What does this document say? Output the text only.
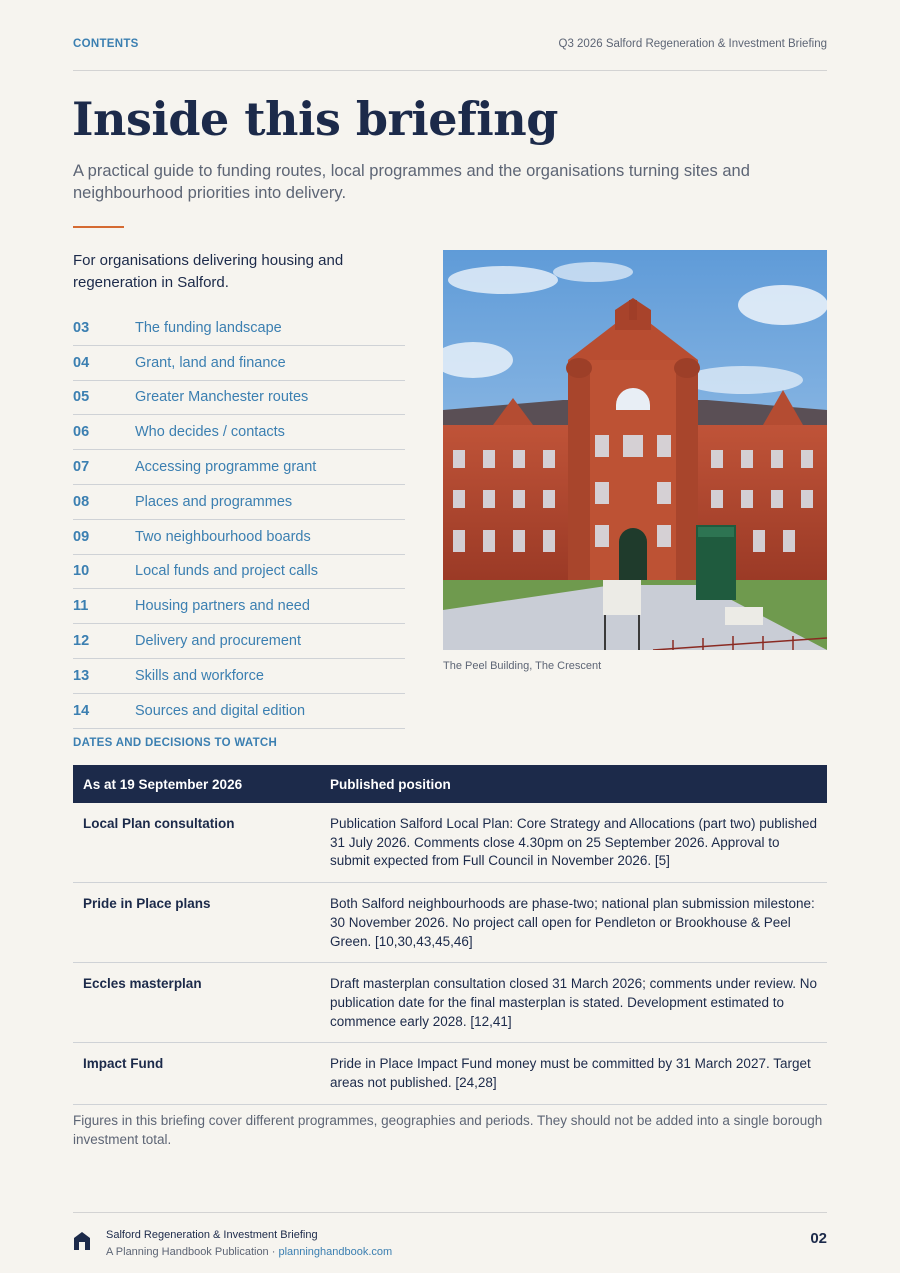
CONTENTS	Q3 2026 Salford Regeneration & Investment Briefing
Inside this briefing

A practical guide to funding routes, local programmes and the organisations turning sites and neighbourhood priorities into delivery.

For organisations delivering housing and regeneration in Salford.

03	The funding landscape
04	Grant, land and finance
05	Greater Manchester routes
06	Who decides / contacts
07	Accessing programme grant
08	Places and programmes
09	Two neighbourhood boards
10	Local funds and project calls
11	Housing partners and need
12	Delivery and procurement
13	Skills and workforce
14	Sources and digital edition

The Peel Building, The Crescent

DATES AND DECISIONS TO WATCH

As at 19 September 2026	Published position
Local Plan consultation	Publication Salford Local Plan: Core Strategy and Allocations (part two) published 31 July 2026. Comments close 4.30pm on 25 September 2026. Approval to submit expected from Full Council in November 2026. [5]
Pride in Place plans	Both Salford neighbourhoods are phase-two; national plan submission milestone: 30 November 2026. No project call open for Pendleton or Brookhouse & Peel Green. [10,30,43,45,46]
Eccles masterplan	Draft masterplan consultation closed 31 March 2026; comments under review. No publication date for the final masterplan is stated. Development estimated to commence early 2028. [12,41]
Impact Fund	Pride in Place Impact Fund money must be committed by 31 March 2027. Target areas not published. [24,28]

Figures in this briefing cover different programmes, geographies and periods. They should not be added into a single borough investment total.

Salford Regeneration & Investment Briefing
A Planning Handbook Publication · planninghandbook.com
02
